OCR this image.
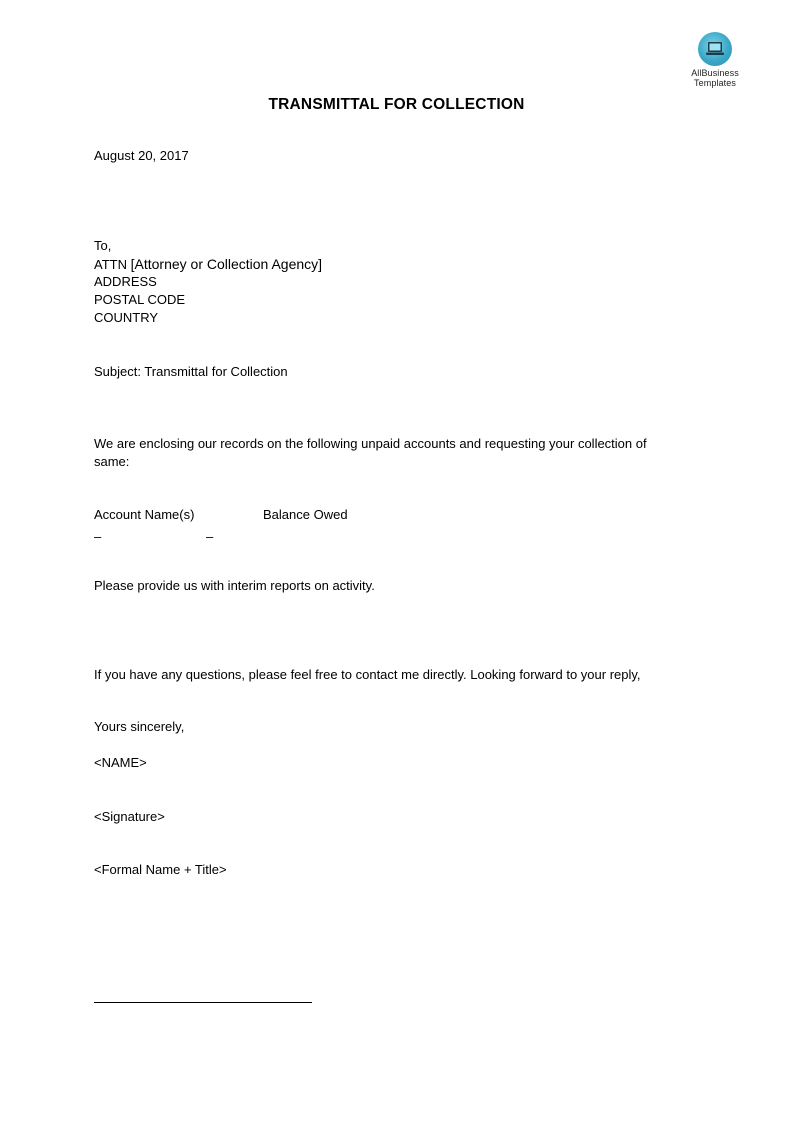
AllBusiness
Templates
TRANSMITTAL FOR COLLECTION
August 20, 2017
To,
ATTN [Attorney or Collection Agency]
ADDRESS
POSTAL CODE
COUNTRY
Subject: Transmittal for Collection
We are enclosing our records on the following unpaid accounts and requesting your collection of same:
Account Name(s)	Balance Owed
–	–
Please provide us with interim reports on activity.
If you have any questions, please feel free to contact me directly. Looking forward to your reply,
Yours sincerely,
<NAME>
<Signature>
<Formal Name + Title>
